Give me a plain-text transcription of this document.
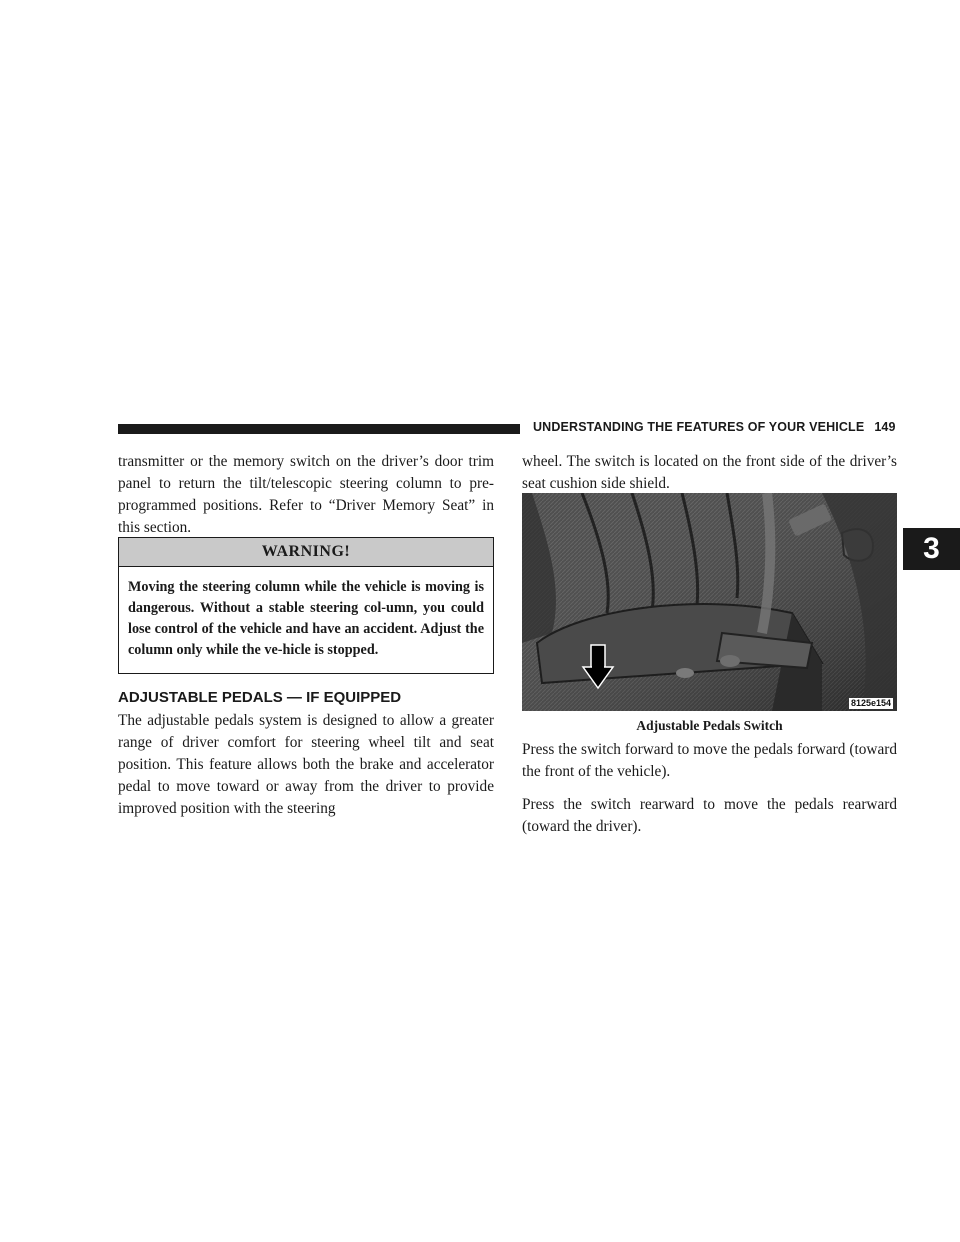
UNDERSTANDING THE FEATURES OF YOUR VEHICLE 149
3

transmitter or the memory switch on the driver’s door trim panel to return the tilt/telescopic steering column to pre-programmed positions. Refer to “Driver Memory Seat” in this section.

WARNING!

Moving the steering column while the vehicle is moving is dangerous. Without a stable steering col-umn, you could lose control of the vehicle and have an accident. Adjust the column only while the ve-hicle is stopped.

ADJUSTABLE PEDALS — IF EQUIPPED

The adjustable pedals system is designed to allow a greater range of driver comfort for steering wheel tilt and seat position. This feature allows both the brake and accelerator pedal to move toward or away from the driver to provide improved position with the steering

wheel. The switch is located on the front side of the driver’s seat cushion side shield.

8125e154
Adjustable Pedals Switch

Press the switch forward to move the pedals forward (toward the front of the vehicle).

Press the switch rearward to move the pedals rearward (toward the driver).
